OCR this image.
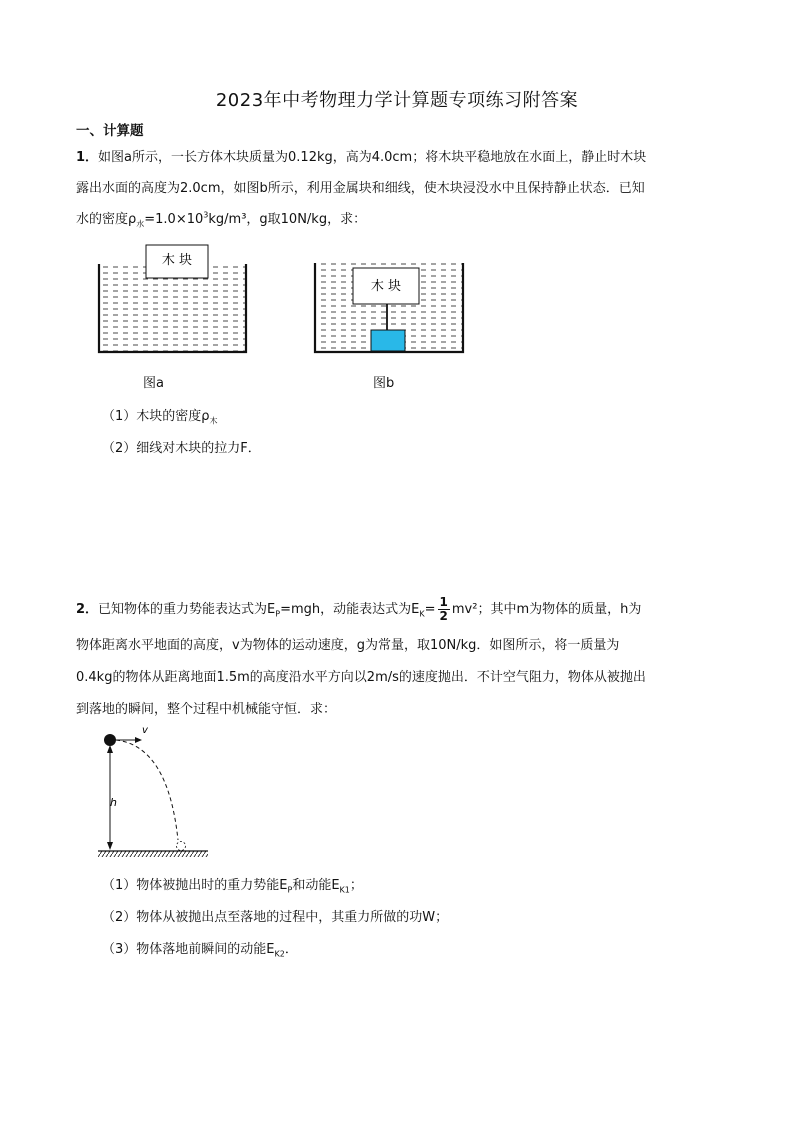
2023年中考物理力学计算题专项练习附答案
一、计算题
1．如图a所示，一长方体木块质量为0.12kg，高为4.0cm；将木块平稳地放在水面上，静止时木块
露出水面的高度为2.0cm，如图b所示，利用金属块和细线，使木块浸没水中且保持静止状态．已知
水的密度$\rho_水=1.0\times 10^3kg/m^3$，g取10N/kg，求：
木 块
木 块
图a	图b
（1）木块的密度$\rho_木$
（2）细线对木块的拉力F．
2．已知物体的重力势能表达式为$E_P=mgh$，动能表达式为$E_K= \frac{1}{2} mv^2$；其中m为物体的质量，h为
物体距离水平地面的高度，v为物体的运动速度，g为常量，取10N/kg．如图所示，将一质量为
0.4kg的物体从距离地面1.5m的高度沿水平方向以2m/s的速度抛出．不计空气阻力，物体从被抛出
到落地的瞬间，整个过程中机械能守恒．求：
h
v
（1）物体被抛出时的重力势能$E_P$和动能$E_{K1}$；
（2）物体从被抛出点至落地的过程中，其重力所做的功W；
（3）物体落地前瞬间的动能$E_{K2}$．
